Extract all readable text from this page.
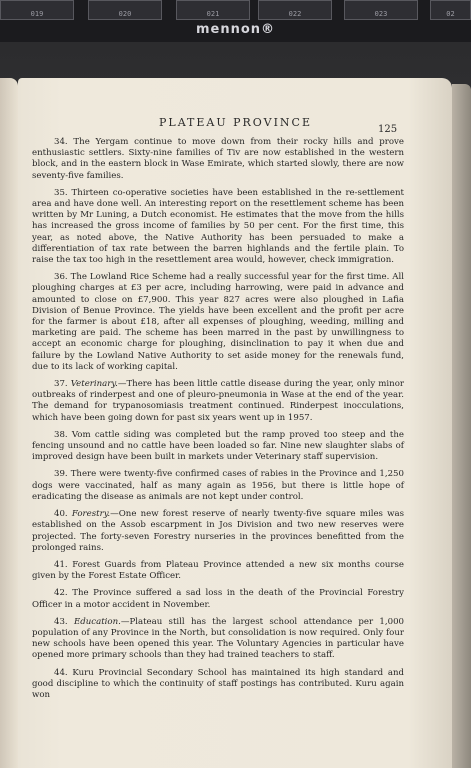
019	020	021	022	023	02
mennon®
PLATEAU PROVINCE
125

34. The Yergam continue to move down from their rocky hills and prove enthusiastic settlers. Sixty-nine families of Tiv are now established in the western block, and in the eastern block in Wase Emirate, which started slowly, there are now seventy-five families.

35. Thirteen co-operative societies have been established in the re-settlement area and have done well. An interesting report on the resettlement scheme has been written by Mr Luning, a Dutch economist. He estimates that the move from the hills has increased the gross income of families by 50 per cent. For the first time, this year, as noted above, the Native Authority has been persuaded to make a differentiation of tax rate between the barren highlands and the fertile plain. To raise the tax too high in the resettlement area would, however, check immigration.

36. The Lowland Rice Scheme had a really successful year for the first time. All ploughing charges at £3 per acre, including harrowing, were paid in advance and amounted to close on £7,900. This year 827 acres were also ploughed in Lafia Division of Benue Province. The yields have been excellent and the profit per acre for the farmer is about £18, after all expenses of ploughing, weeding, milling and marketing are paid. The scheme has been marred in the past by unwillingness to accept an economic charge for ploughing, disinclination to pay it when due and failure by the Lowland Native Authority to set aside money for the renewals fund, due to its lack of working capital.

37. Veterinary.—There has been little cattle disease during the year, only minor outbreaks of rinderpest and one of pleuro-pneumonia in Wase at the end of the year. The demand for trypanosomiasis treatment continued. Rinderpest inocculations, which have been going down for past six years went up in 1957.

38. Vom cattle siding was completed but the ramp proved too steep and the fencing unsound and no cattle have been loaded so far. Nine new slaughter slabs of improved design have been built in markets under Veterinary staff supervision.

39. There were twenty-five confirmed cases of rabies in the Province and 1,250 dogs were vaccinated, half as many again as 1956, but there is little hope of eradicating the disease as animals are not kept under control.

40. Forestry.—One new forest reserve of nearly twenty-five square miles was established on the Assob escarpment in Jos Division and two new reserves were projected. The forty-seven Forestry nurseries in the provinces benefitted from the prolonged rains.

41. Forest Guards from Plateau Province attended a new six months course given by the Forest Estate Officer.

42. The Province suffered a sad loss in the death of the Provincial Forestry Officer in a motor accident in November.

43. Education.—Plateau still has the largest school attendance per 1,000 population of any Province in the North, but consolidation is now required. Only four new schools have been opened this year. The Voluntary Agencies in particular have opened more primary schools than they had trained teachers to staff.

44. Kuru Provincial Secondary School has maintained its high standard and good discipline to which the continuity of staff postings has contributed. Kuru again won
